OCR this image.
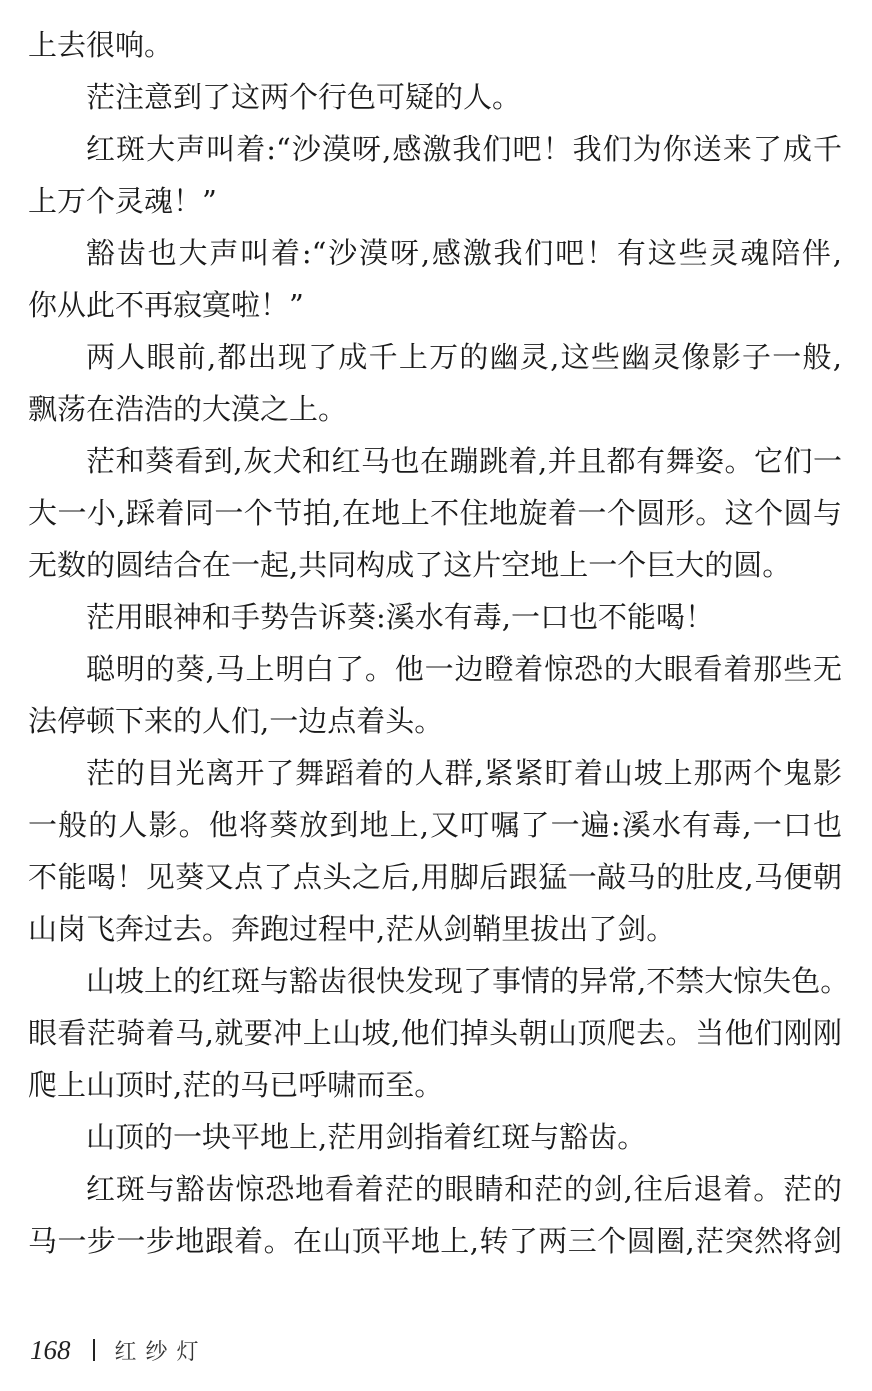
上去很响。
茫注意到了这两个行色可疑的人。
红斑大声叫着:“沙漠呀,感激我们吧！我们为你送来了成千
上万个灵魂！”
豁齿也大声叫着:“沙漠呀,感激我们吧！有这些灵魂陪伴,
你从此不再寂寞啦！”
两人眼前,都出现了成千上万的幽灵,这些幽灵像影子一般,
飘荡在浩浩的大漠之上。
茫和葵看到,灰犬和红马也在蹦跳着,并且都有舞姿。它们一
大一小,踩着同一个节拍,在地上不住地旋着一个圆形。这个圆与
无数的圆结合在一起,共同构成了这片空地上一个巨大的圆。
茫用眼神和手势告诉葵:溪水有毒,一口也不能喝！
聪明的葵,马上明白了。他一边瞪着惊恐的大眼看着那些无
法停顿下来的人们,一边点着头。
茫的目光离开了舞蹈着的人群,紧紧盯着山坡上那两个鬼影
一般的人影。他将葵放到地上,又叮嘱了一遍:溪水有毒,一口也
不能喝！见葵又点了点头之后,用脚后跟猛一敲马的肚皮,马便朝
山岗飞奔过去。奔跑过程中,茫从剑鞘里拔出了剑。
山坡上的红斑与豁齿很快发现了事情的异常,不禁大惊失色。
眼看茫骑着马,就要冲上山坡,他们掉头朝山顶爬去。当他们刚刚
爬上山顶时,茫的马已呼啸而至。
山顶的一块平地上,茫用剑指着红斑与豁齿。
红斑与豁齿惊恐地看着茫的眼睛和茫的剑,往后退着。茫的
马一步一步地跟着。在山顶平地上,转了两三个圆圈,茫突然将剑
168 红纱灯
